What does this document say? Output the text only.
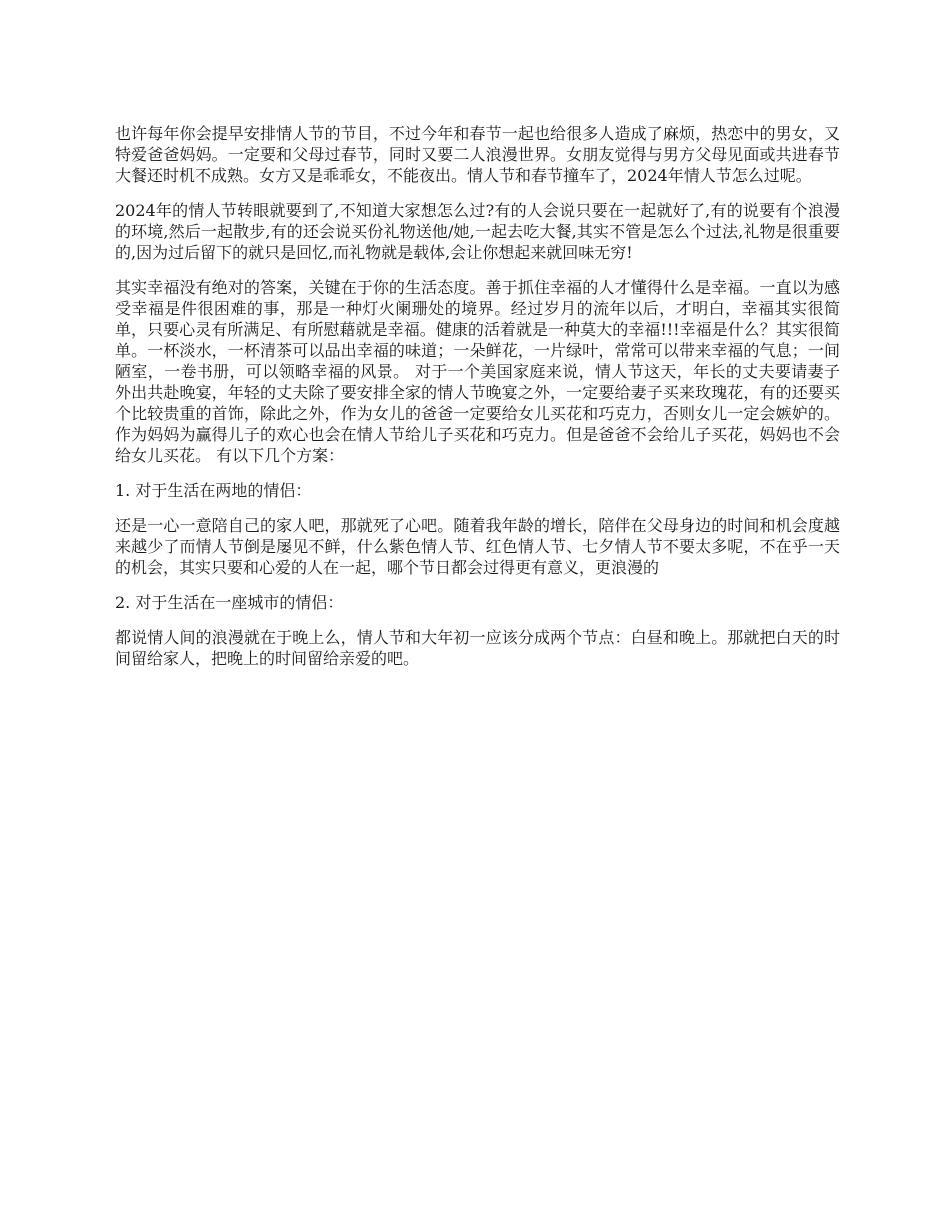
也许每年你会提早安排情人节的节目，不过今年和春节一起也给很多人造成了麻烦，热恋中的男女，又特爱爸爸妈妈。一定要和父母过春节，同时又要二人浪漫世界。女朋友觉得与男方父母见面或共进春节大餐还时机不成熟。女方又是乖乖女，不能夜出。情人节和春节撞车了，2024年情人节怎么过呢。

2024年的情人节转眼就要到了,不知道大家想怎么过?有的人会说只要在一起就好了,有的说要有个浪漫的环境,然后一起散步,有的还会说买份礼物送他/她,一起去吃大餐,其实不管是怎么个过法,礼物是很重要的,因为过后留下的就只是回忆,而礼物就是载体,会让你想起来就回味无穷!

其实幸福没有绝对的答案，关键在于你的生活态度。善于抓住幸福的人才懂得什么是幸福。一直以为感受幸福是件很困难的事，那是一种灯火阑珊处的境界。经过岁月的流年以后，才明白，幸福其实很简单，只要心灵有所满足、有所慰藉就是幸福。健康的活着就是一种莫大的幸福!!!幸福是什么？其实很简单。一杯淡水，一杯清茶可以品出幸福的味道；一朵鲜花，一片绿叶，常常可以带来幸福的气息；一间陋室，一卷书册，可以领略幸福的风景。 对于一个美国家庭来说，情人节这天，年长的丈夫要请妻子外出共赴晚宴，年轻的丈夫除了要安排全家的情人节晚宴之外，一定要给妻子买来玫瑰花，有的还要买个比较贵重的首饰，除此之外，作为女儿的爸爸一定要给女儿买花和巧克力，否则女儿一定会嫉妒的。作为妈妈为赢得儿子的欢心也会在情人节给儿子买花和巧克力。但是爸爸不会给儿子买花，妈妈也不会给女儿买花。 有以下几个方案：

1. 对于生活在两地的情侣：

还是一心一意陪自己的家人吧，那就死了心吧。随着我年龄的增长，陪伴在父母身边的时间和机会度越来越少了而情人节倒是屡见不鲜，什么紫色情人节、红色情人节、七夕情人节不要太多呢，不在乎一天的机会，其实只要和心爱的人在一起，哪个节日都会过得更有意义，更浪漫的

2. 对于生活在一座城市的情侣：

都说情人间的浪漫就在于晚上么，情人节和大年初一应该分成两个节点：白昼和晚上。那就把白天的时间留给家人，把晚上的时间留给亲爱的吧。
